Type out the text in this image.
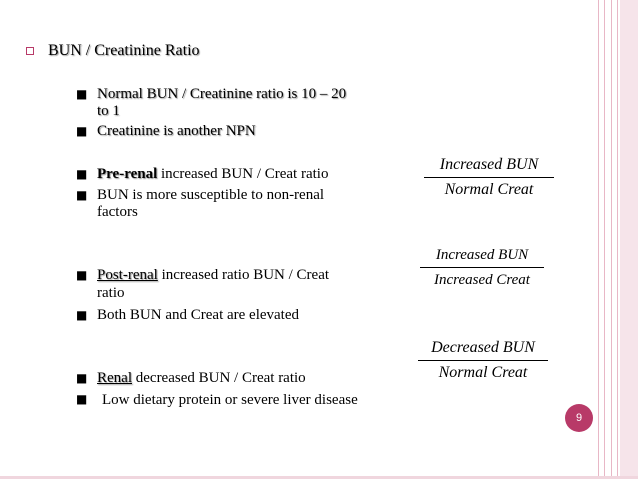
BUN / Creatinine Ratio
■ Normal BUN / Creatinine ratio is 10 – 20
to 1
■ Creatinine is another NPN
■ Pre-renal increased BUN / Creat ratio
■ BUN is more susceptible to non-renal
factors
■ Post-renal increased ratio BUN / Creat
ratio
■ Both BUN and Creat are elevated
■ Renal decreased BUN / Creat ratio
■ Low dietary protein or severe liver disease
Increased BUN
Normal Creat
Increased BUN
Increased Creat
Decreased BUN
Normal Creat
9
